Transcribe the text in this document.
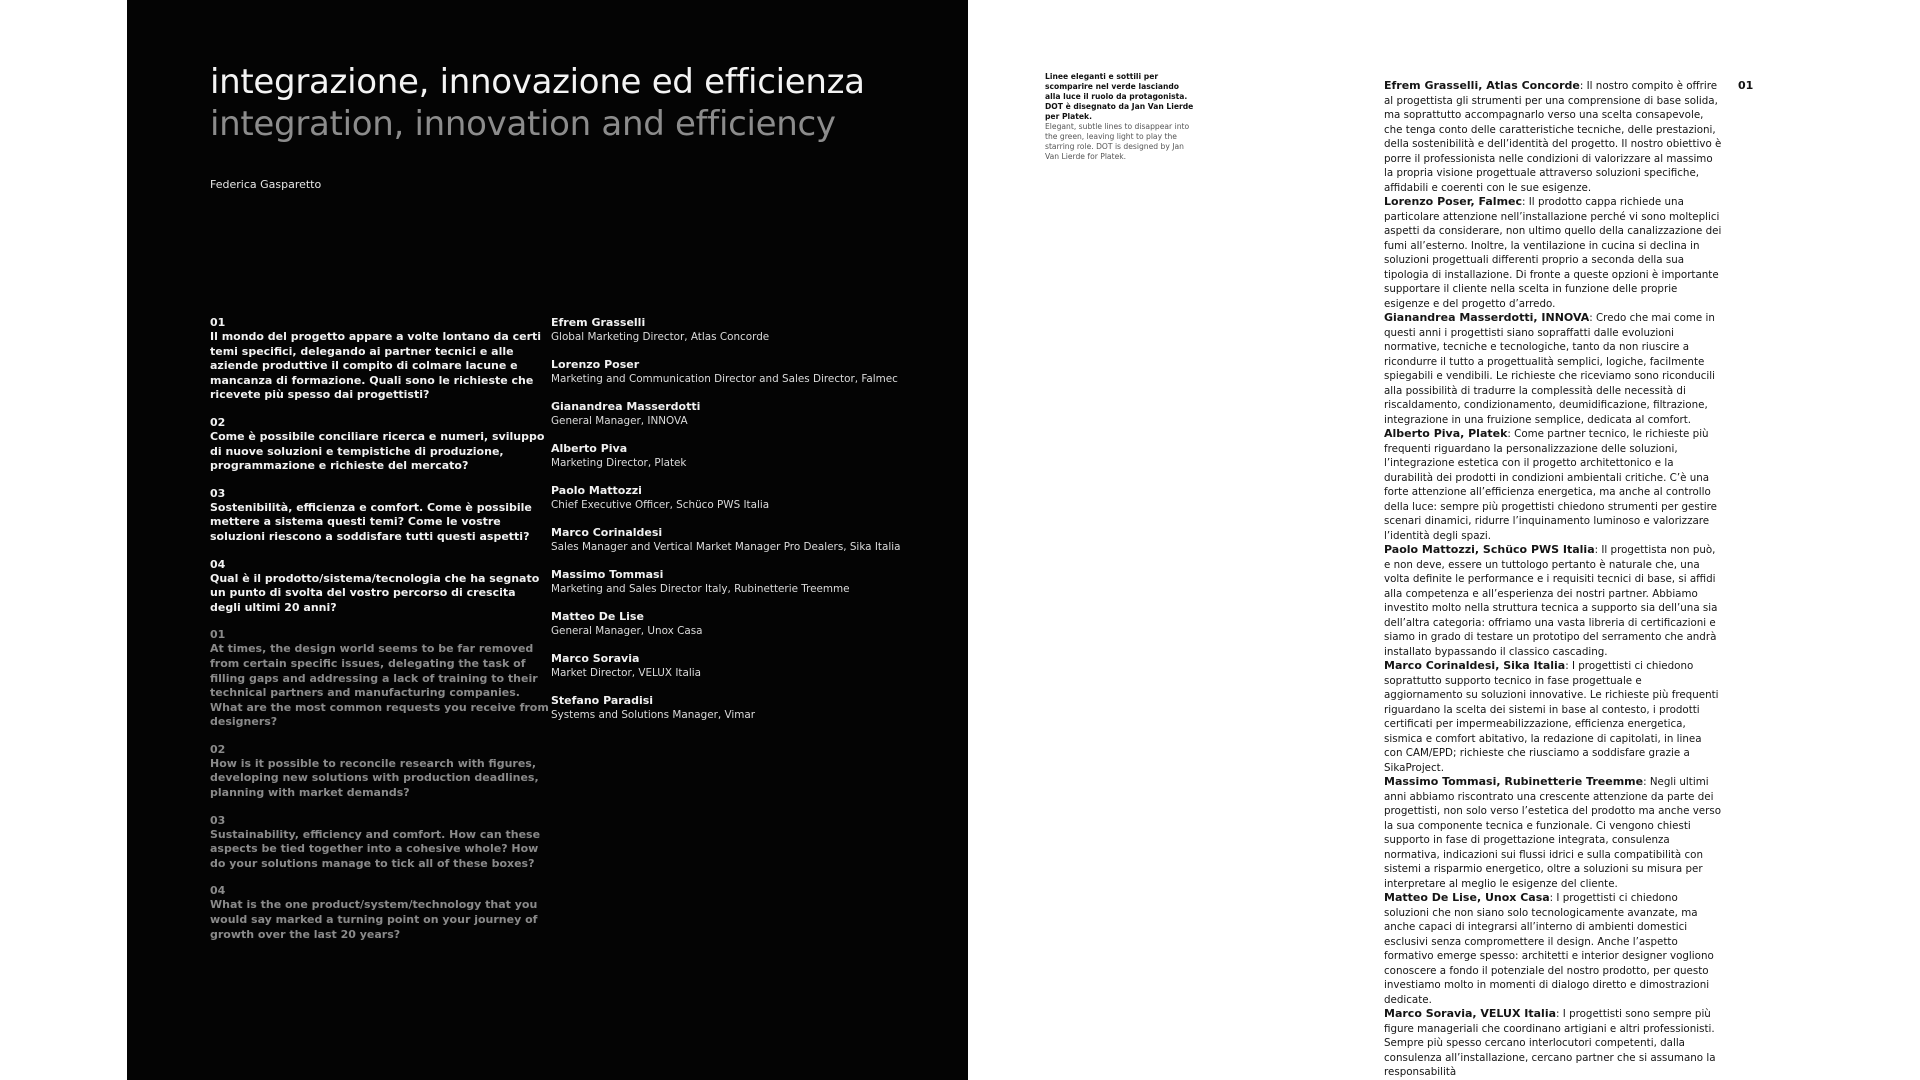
integrazione, innovazione ed efficienza
integration, innovation and efficiency
Federica Gasparetto
01
Il mondo del progetto appare a volte lontano da certi temi specifici, delegando ai partner tecnici e alle aziende produttive il compito di colmare lacune e mancanza di formazione. Quali sono le richieste che ricevete più spesso dai progettisti?
02
Come è possibile conciliare ricerca e numeri, sviluppo di nuove soluzioni e tempistiche di produzione, programmazione e richieste del mercato?
03
Sostenibilità, efficienza e comfort. Come è possibile mettere a sistema questi temi? Come le vostre soluzioni riescono a soddisfare tutti questi aspetti?
04
Qual è il prodotto/sistema/tecnologia che ha segnato un punto di svolta del vostro percorso di crescita degli ultimi 20 anni?
01
At times, the design world seems to be far removed from certain specific issues, delegating the task of filling gaps and addressing a lack of training to their technical partners and manufacturing companies. What are the most common requests you receive from designers?
02
How is it possible to reconcile research with figures, developing new solutions with production deadlines, planning with market demands?
03
Sustainability, efficiency and comfort. How can these aspects be tied together into a cohesive whole? How do your solutions manage to tick all of these boxes?
04
What is the one product/system/technology that you would say marked a turning point on your journey of growth over the last 20 years?
Efrem Grasselli
Global Marketing Director, Atlas Concorde
Lorenzo Poser
Marketing and Communication Director and Sales Director, Falmec
Gianandrea Masserdotti
General Manager, INNOVA
Alberto Piva
Marketing Director, Platek
Paolo Mattozzi
Chief Executive Officer, Schüco PWS Italia
Marco Corinaldesi
Sales Manager and Vertical Market Manager Pro Dealers, Sika Italia
Massimo Tommasi
Marketing and Sales Director Italy, Rubinetterie Treemme
Matteo De Lise
General Manager, Unox Casa
Marco Soravia
Market Director, VELUX Italia
Stefano Paradisi
Systems and Solutions Manager, Vimar
Linee eleganti e sottili per scomparire nel verde lasciando alla luce il ruolo da protagonista. DOT è disegnato da Jan Van Lierde per Platek.
Elegant, subtle lines to disappear into the green, leaving light to play the starring role. DOT is designed by Jan Van Lierde for Platek.
01

Efrem Grasselli, Atlas Concorde: Il nostro compito è offrire al progettista gli strumenti per una comprensione di base solida, ma soprattutto accompagnarlo verso una scelta consapevole, che tenga conto delle caratteristiche tecniche, delle prestazioni, della sostenibilità e dell’identità del progetto. Il nostro obiettivo è porre il professionista nelle condizioni di valorizzare al massimo la propria visione progettuale attraverso soluzioni specifiche, affidabili e coerenti con le sue esigenze.

Lorenzo Poser, Falmec: Il prodotto cappa richiede una particolare attenzione nell’installazione perché vi sono molteplici aspetti da considerare, non ultimo quello della canalizzazione dei fumi all’esterno. Inoltre, la ventilazione in cucina si declina in soluzioni progettuali differenti proprio a seconda della sua tipologia di installazione. Di fronte a queste opzioni è importante supportare il cliente nella scelta in funzione delle proprie esigenze e del progetto d’arredo.

Gianandrea Masserdotti, INNOVA: Credo che mai come in questi anni i progettisti siano sopraffatti dalle evoluzioni normative, tecniche e tecnologiche, tanto da non riuscire a ricondurre il tutto a progettualità semplici, logiche, facilmente spiegabili e vendibili. Le richieste che riceviamo sono riconducili alla possibilità di tradurre la complessità delle necessità di riscaldamento, condizionamento, deumidificazione, filtrazione, integrazione in una fruizione semplice, dedicata al comfort.

Alberto Piva, Platek: Come partner tecnico, le richieste più frequenti riguardano la personalizzazione delle soluzioni, l’integrazione estetica con il progetto architettonico e la durabilità dei prodotti in condizioni ambientali critiche. C’è una forte attenzione all’efficienza energetica, ma anche al controllo della luce: sempre più progettisti chiedono strumenti per gestire scenari dinamici, ridurre l’inquinamento luminoso e valorizzare l’identità degli spazi.

Paolo Mattozzi, Schüco PWS Italia: Il progettista non può, e non deve, essere un tuttologo pertanto è naturale che, una volta definite le performance e i requisiti tecnici di base, si affidi alla competenza e all’esperienza dei nostri partner. Abbiamo investito molto nella struttura tecnica a supporto sia dell’una sia dell’altra categoria: offriamo una vasta libreria di certificazioni e siamo in grado di testare un prototipo del serramento che andrà installato bypassando il classico cascading.

Marco Corinaldesi, Sika Italia: I progettisti ci chiedono soprattutto supporto tecnico in fase progettuale e aggiornamento su soluzioni innovative. Le richieste più frequenti riguardano la scelta dei sistemi in base al contesto, i prodotti certificati per impermeabilizzazione, efficienza energetica, sismica e comfort abitativo, la redazione di capitolati, in linea con CAM/EPD; richieste che riusciamo a soddisfare grazie a SikaProject.

Massimo Tommasi, Rubinetterie Treemme: Negli ultimi anni abbiamo riscontrato una crescente attenzione da parte dei progettisti, non solo verso l’estetica del prodotto ma anche verso la sua componente tecnica e funzionale. Ci vengono chiesti supporto in fase di progettazione integrata, consulenza normativa, indicazioni sui flussi idrici e sulla compatibilità con sistemi a risparmio energetico, oltre a soluzioni su misura per interpretare al meglio le esigenze del cliente.

Matteo De Lise, Unox Casa: I progettisti ci chiedono soluzioni che non siano solo tecnologicamente avanzate, ma anche capaci di integrarsi all’interno di ambienti domestici esclusivi senza compromettere il design. Anche l’aspetto formativo emerge spesso: architetti e interior designer vogliono conoscere a fondo il potenziale del nostro prodotto, per questo investiamo molto in momenti di dialogo diretto e dimostrazioni dedicate.

Marco Soravia, VELUX Italia: I progettisti sono sempre più figure manageriali che coordinano artigiani e altri professionisti. Sempre più spesso cercano interlocutori competenti, dalla consulenza all’installazione, cercano partner che si assumano la responsabilità
